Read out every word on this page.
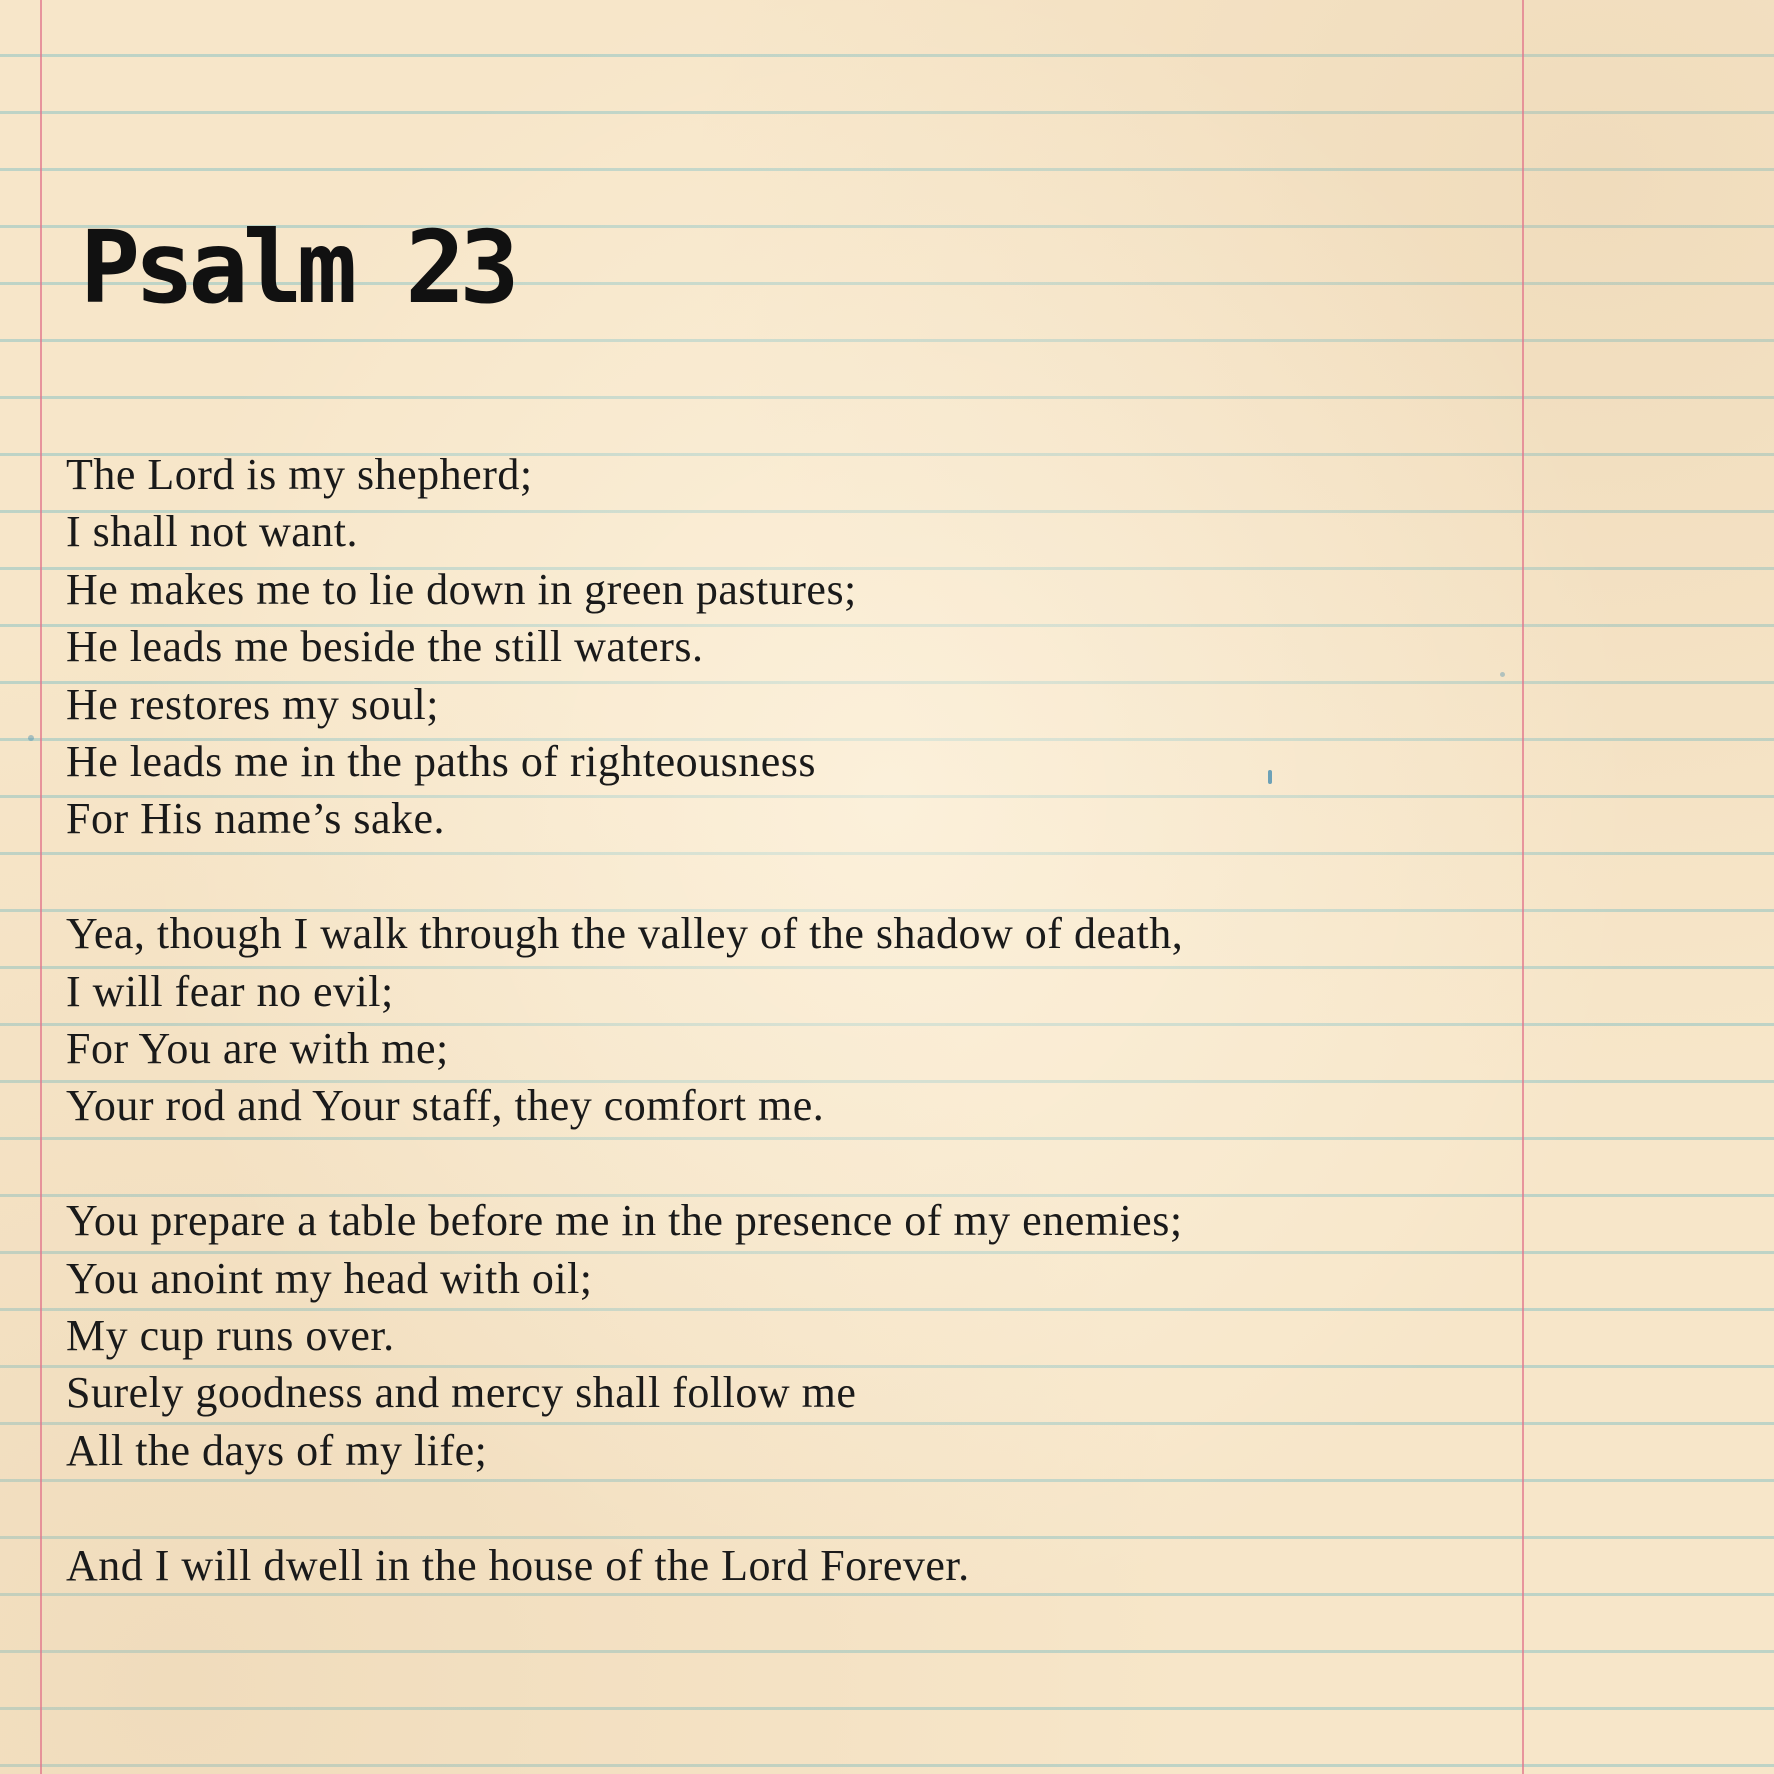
Psalm 23
The Lord is my shepherd;
I shall not want.
He makes me to lie down in green pastures;
He leads me beside the still waters.
He restores my soul;
He leads me in the paths of righteousness
For His name’s sake.
Yea, though I walk through the valley of the shadow of death,
I will fear no evil;
For You are with me;
Your rod and Your staff, they comfort me.
You prepare a table before me in the presence of my enemies;
You anoint my head with oil;
My cup runs over.
Surely goodness and mercy shall follow me
All the days of my life;
And I will dwell in the house of the Lord Forever.
